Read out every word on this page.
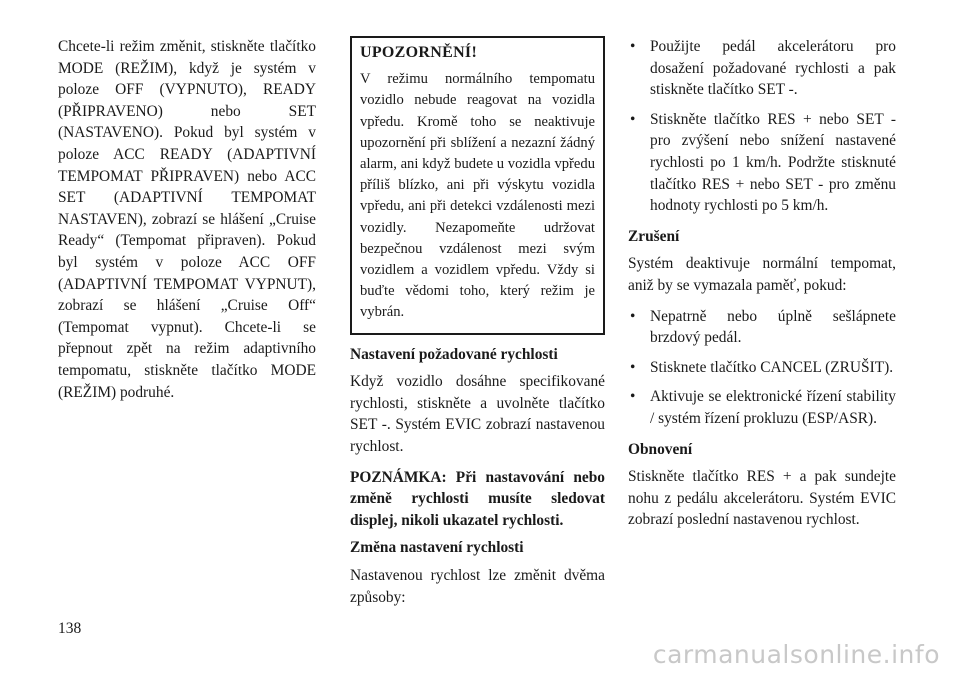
Chcete-li režim změnit, stiskněte tlačítko MODE (REŽIM), když je systém v poloze OFF (VYPNUTO), READY (PŘIPRAVENO) nebo SET (NASTAVENO). Pokud byl systém v poloze ACC READY (ADAPTIVNÍ TEMPOMAT PŘIPRAVEN) nebo ACC SET (ADAPTIVNÍ TEMPOMAT NASTAVEN), zobrazí se hlášení „Cruise Ready“ (Tempomat připraven). Pokud byl systém v poloze ACC OFF (ADAPTIVNÍ TEMPOMAT VYPNUT), zobrazí se hlášení „Cruise Off“ (Tempomat vypnut). Chcete-li se přepnout zpět na režim adaptivního tempomatu, stiskněte tlačítko MODE (REŽIM) podruhé.

UPOZORNĚNÍ!
V režimu normálního tempomatu vozidlo nebude reagovat na vozidla vpředu. Kromě toho se neaktivuje upozornění při sblížení a nezazní žádný alarm, ani když budete u vozidla vpředu příliš blízko, ani při výskytu vozidla vpředu, ani při detekci vzdálenosti mezi vozidly. Nezapomeňte udržovat bezpečnou vzdálenost mezi svým vozidlem a vozidlem vpředu. Vždy si buďte vědomi toho, který režim je vybrán.

Nastavení požadované rychlosti

Když vozidlo dosáhne specifikované rychlosti, stiskněte a uvolněte tlačítko SET -. Systém EVIC zobrazí nastavenou rychlost.

POZNÁMKA: Při nastavování nebo změně rychlosti musíte sledovat displej, nikoli ukazatel rychlosti.

Změna nastavení rychlosti

Nastavenou rychlost lze změnit dvěma způsoby:

• Použijte pedál akcelerátoru pro dosažení požadované rychlosti a pak stiskněte tlačítko SET -.
• Stiskněte tlačítko RES + nebo SET - pro zvýšení nebo snížení nastavené rychlosti po 1 km/h. Podržte stisknuté tlačítko RES + nebo SET - pro změnu hodnoty rychlosti po 5 km/h.

Zrušení

Systém deaktivuje normální tempomat, aniž by se vymazala paměť, pokud:

• Nepatrně nebo úplně sešlápnete brzdový pedál.
• Stisknete tlačítko CANCEL (ZRUŠIT).
• Aktivuje se elektronické řízení stability / systém řízení prokluzu (ESP/ASR).

Obnovení

Stiskněte tlačítko RES + a pak sundejte nohu z pedálu akcelerátoru. Systém EVIC zobrazí poslední nastavenou rychlost.

138
carmanualsonline.info
